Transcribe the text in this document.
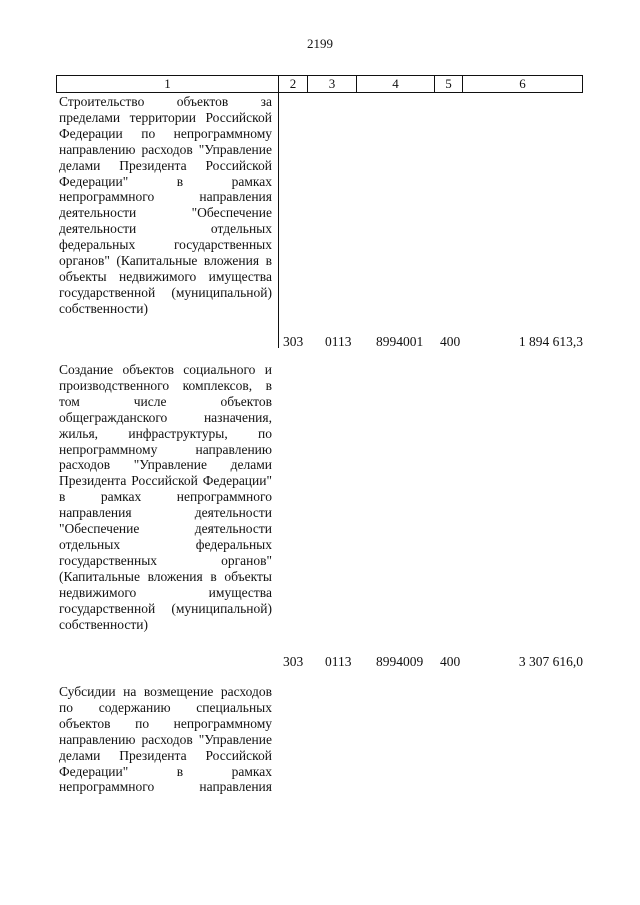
2199
1	2	3	4	5	6
Строительство объектов за пределами территории Российской Федерации по непрограммному направлению расходов "Управление делами Президента Российской Федерации" в рамках непрограммного направления деятельности "Обеспечение деятельности отдельных федеральных государственных органов" (Капитальные вложения в объекты недвижимого имущества государственной (муниципальной) собственности)
303 0113 8994001 400	1 894 613,3
Создание объектов социального и производственного комплексов, в том числе объектов общегражданского назначения, жилья, инфраструктуры, по непрограммному направлению расходов "Управление делами Президента Российской Федерации" в рамках непрограммного направления деятельности "Обеспечение деятельности отдельных федеральных государственных органов" (Капитальные вложения в объекты недвижимого имущества государственной (муниципальной) собственности)
303 0113 8994009 400	3 307 616,0
Субсидии на возмещение расходов по содержанию специальных объектов по непрограммному направлению расходов "Управление делами Президента Российской Федерации" в рамках непрограммного направления
